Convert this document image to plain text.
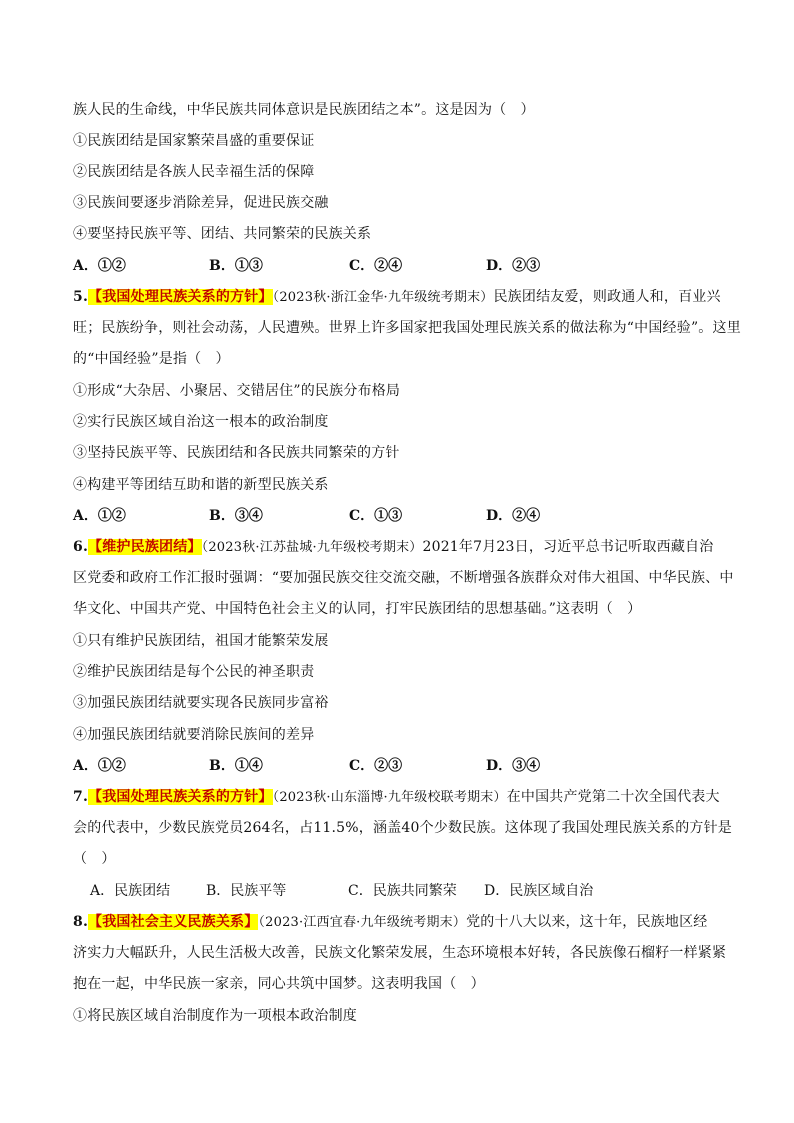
族人民的生命线，中华民族共同体意识是民族团结之本”。这是因为（　）
①民族团结是国家繁荣昌盛的重要保证
②民族团结是各族人民幸福生活的保障
③民族间要逐步消除差异，促进民族交融
④要坚持民族平等、团结、共同繁荣的民族关系
A．①②	B．①③	C．②④	D．②③
5.【我国处理民族关系的方针】（2023秋·浙江金华·九年级统考期末）民族团结友爱，则政通人和，百业兴
旺；民族纷争，则社会动荡，人民遭殃。世界上许多国家把我国处理民族关系的做法称为“中国经验”。这里
的“中国经验”是指（　）
①形成“大杂居、小聚居、交错居住”的民族分布格局
②实行民族区域自治这一根本的政治制度
③坚持民族平等、民族团结和各民族共同繁荣的方针
④构建平等团结互助和谐的新型民族关系
A．①②	B．③④	C．①③	D．②④
6.【维护民族团结】（2023秋·江苏盐城·九年级校考期末）2021年7月23日，习近平总书记听取西藏自治
区党委和政府工作汇报时强调：“要加强民族交往交流交融，不断增强各族群众对伟大祖国、中华民族、中
华文化、中国共产党、中国特色社会主义的认同，打牢民族团结的思想基础。”这表明（　）
①只有维护民族团结，祖国才能繁荣发展
②维护民族团结是每个公民的神圣职责
③加强民族团结就要实现各民族同步富裕
④加强民族团结就要消除民族间的差异
A．①②	B．①④	C．②③	D．③④
7.【我国处理民族关系的方针】（2023秋·山东淄博·九年级校联考期末）在中国共产党第二十次全国代表大
会的代表中，少数民族党员264名，占11.5%，涵盖40个少数民族。这体现了我国处理民族关系的方针是
（　）
A．民族团结	B．民族平等	C．民族共同繁荣 D．民族区域自治
8.【我国社会主义民族关系】（2023·江西宜春·九年级统考期末）党的十八大以来，这十年，民族地区经
济实力大幅跃升，人民生活极大改善，民族文化繁荣发展，生态环境根本好转，各民族像石榴籽一样紧紧
抱在一起，中华民族一家亲，同心共筑中国梦。这表明我国（　）
①将民族区域自治制度作为一项根本政治制度
